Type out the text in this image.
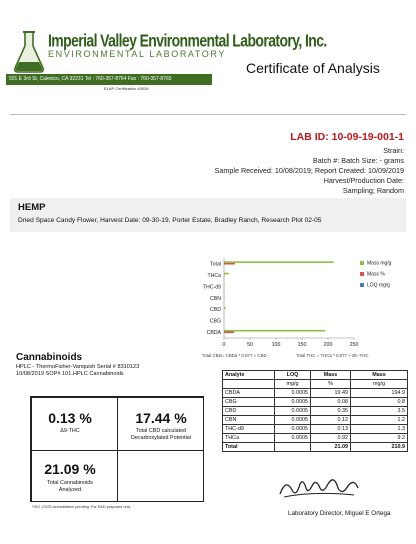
Imperial Valley Environmental Laboratory, Inc.
ENVIRONMENTAL LABORATORY
501 E 3rd St, Calexico, CA 92231 Tel : 760-357-8764 Fax : 760-357-8765
ELAP Certification #3038
Certificate of Analysis
LAB ID: 10-09-19-001-1
Strain:
Batch #: Batch Size: - grams
Sample Received: 10/08/2019; Report Created: 10/09/2019
Harvest/Production Date:
Sampling; Random
HEMP
Dried Space Candy Flower, Harvest Date: 09-30-19, Porter Estate, Bradley Ranch, Research Plot 02-05
Total
THCa
THC-d9
CBN
CBD
CBG
CBDA
0	50	100	150	200	250
Mass mg/g
Mass %
LOQ mg/g
Cannabinoids
HPLC - ThermoFisher-Vanquish Serial # 8310123
10/08/2019 SOP# 101.HPLC Cannabinoids
Total CBD= CBDa * 0.877 + CBD	Total THC = THCa * 0.877 + d9 -THC
0.13 %
Δ9-THC
17.44 %
Total CBD calculated
Decarboxylated Potential
21.09 %
Total Cannabinoids
Analyzed
Analyte	LOQ	Mass	Mass
	mg/g	%	mg/g
CBDA	0.0005	19.49	194.9
CBG	0.0005	0.08	0.8
CBD	0.0005	0.35	3.5
CBN	0.0005	0.12	1.2
THC-d9	0.0005	0.13	1.3
THCa	0.0005	0.92	9.2
Total		21.09	210.9
*ISO 17025 accreditation pending: For R&D purposes only
Laboratory Director, Miguel E Ortega
